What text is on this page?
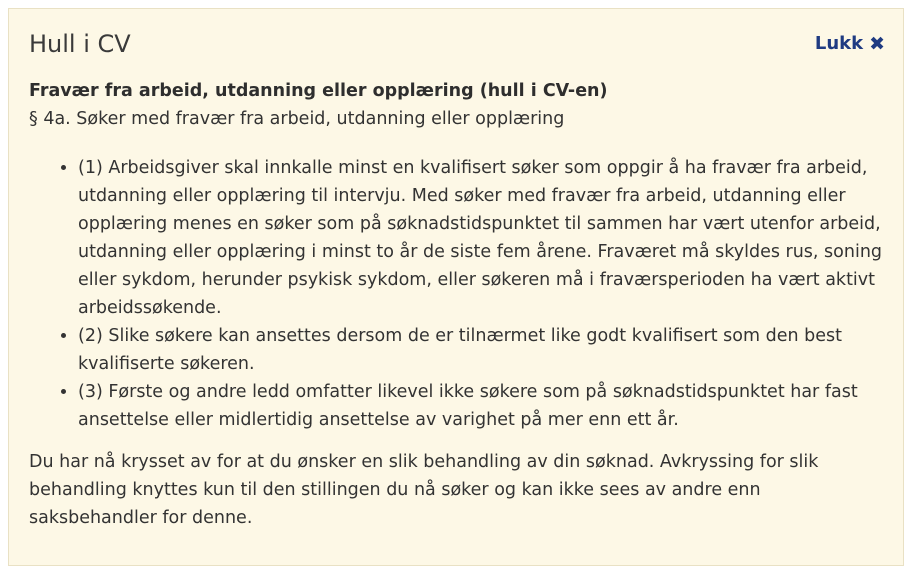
Hull i CV	Lukk ✖

Fravær fra arbeid, utdanning eller opplæring (hull i CV-en)

§ 4a. Søker med fravær fra arbeid, utdanning eller opplæring

• (1) Arbeidsgiver skal innkalle minst en kvalifisert søker som oppgir å ha fravær fra arbeid, utdanning eller opplæring til intervju. Med søker med fravær fra arbeid, utdanning eller opplæring menes en søker som på søknadstidspunktet til sammen har vært utenfor arbeid, utdanning eller opplæring i minst to år de siste fem årene. Fraværet må skyldes rus, soning eller sykdom, herunder psykisk sykdom, eller søkeren må i fraværsperioden ha vært aktivt arbeidssøkende.
• (2) Slike søkere kan ansettes dersom de er tilnærmet like godt kvalifisert som den best kvalifiserte søkeren.
• (3) Første og andre ledd omfatter likevel ikke søkere som på søknadstidspunktet har fast ansettelse eller midlertidig ansettelse av varighet på mer enn ett år.

Du har nå krysset av for at du ønsker en slik behandling av din søknad. Avkryssing for slik behandling knyttes kun til den stillingen du nå søker og kan ikke sees av andre enn saksbehandler for denne.
